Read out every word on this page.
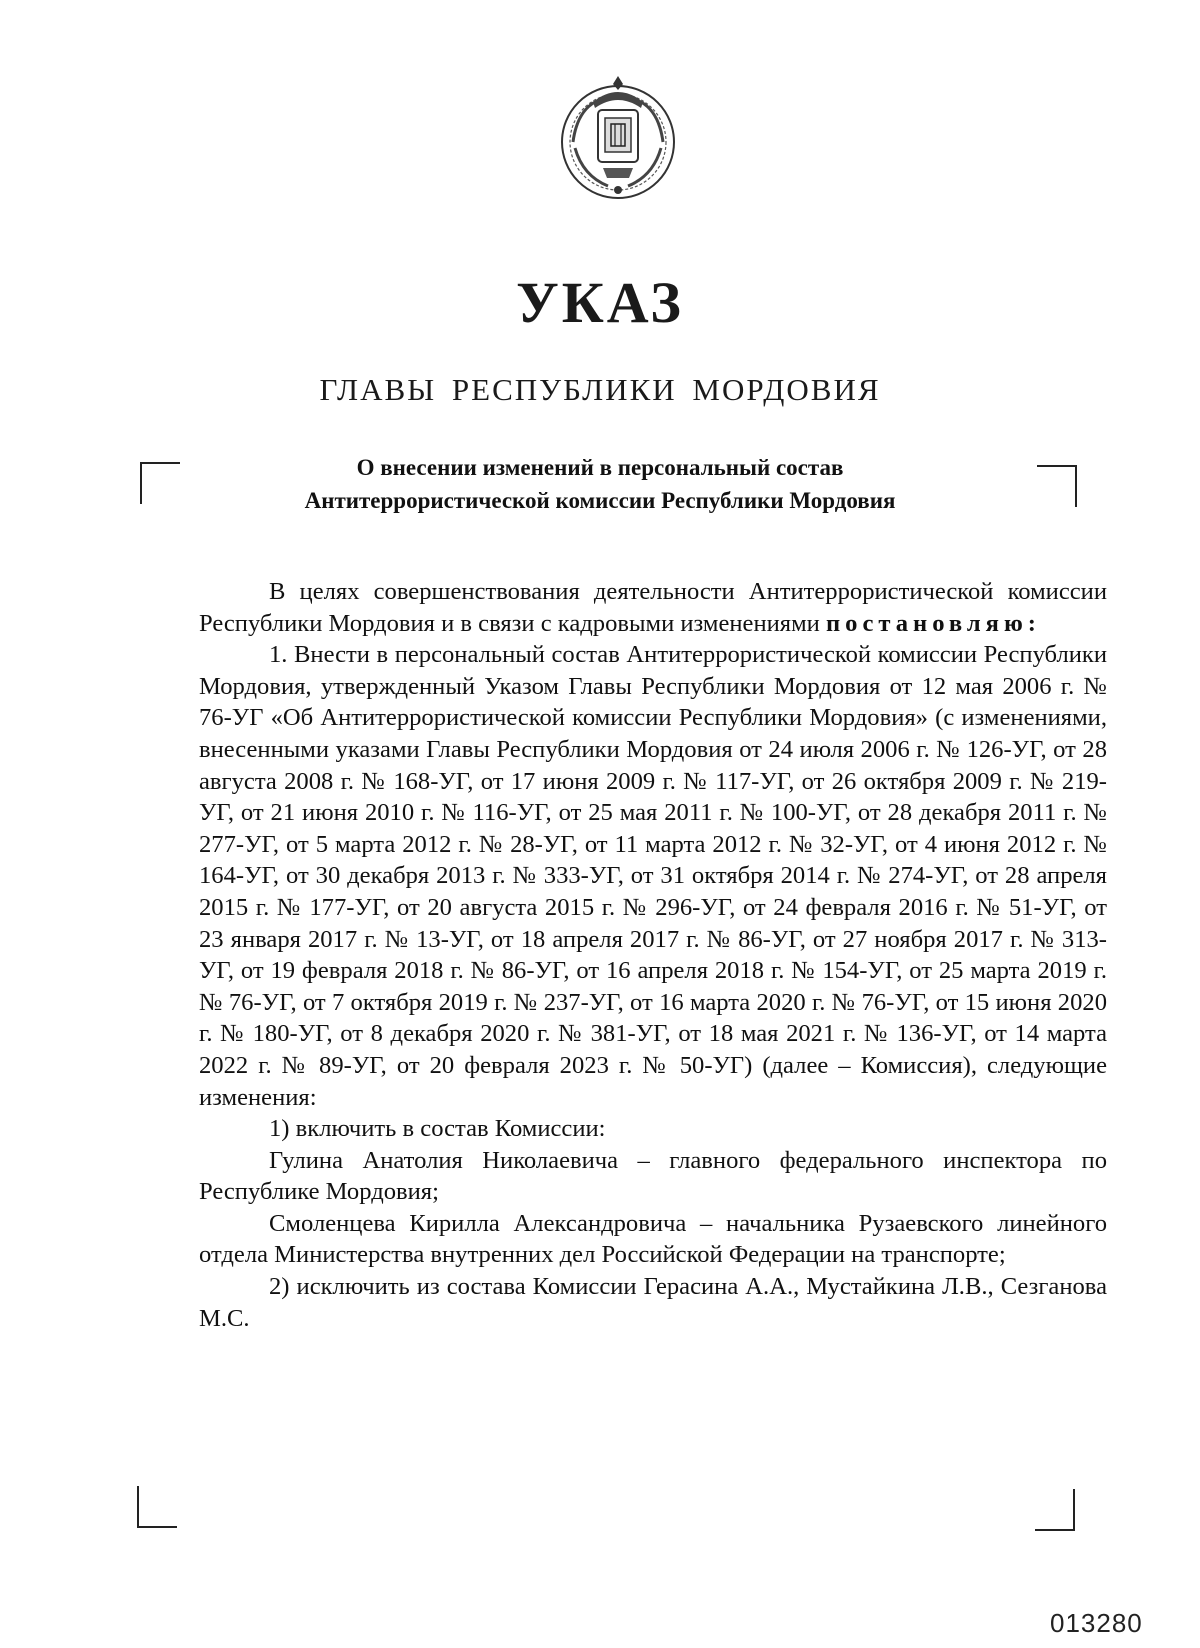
УКАЗ
ГЛАВЫ РЕСПУБЛИКИ МОРДОВИЯ
О внесении изменений в персональный состав
Антитеррористической комиссии Республики Мордовия

В целях совершенствования деятельности Антитеррористической комиссии Республики Мордовия и в связи с кадровыми изменениями постановляю:

1. Внести в персональный состав Антитеррористической комиссии Республики Мордовия, утвержденный Указом Главы Республики Мордовия от 12 мая 2006 г. № 76-УГ «Об Антитеррористической комиссии Республики Мордовия» (с изменениями, внесенными указами Главы Республики Мордовия от 24 июля 2006 г. № 126-УГ, от 28 августа 2008 г. № 168-УГ, от 17 июня 2009 г. № 117-УГ, от 26 октября 2009 г. № 219-УГ, от 21 июня 2010 г. № 116-УГ, от 25 мая 2011 г. № 100-УГ, от 28 декабря 2011 г. № 277-УГ, от 5 марта 2012 г. № 28-УГ, от 11 марта 2012 г. № 32-УГ, от 4 июня 2012 г. № 164-УГ, от 30 декабря 2013 г. № 333-УГ, от 31 октября 2014 г. № 274-УГ, от 28 апреля 2015 г. № 177-УГ, от 20 августа 2015 г. № 296-УГ, от 24 февраля 2016 г. № 51-УГ, от 23 января 2017 г. № 13-УГ, от 18 апреля 2017 г. № 86-УГ, от 27 ноября 2017 г. № 313-УГ, от 19 февраля 2018 г. № 86-УГ, от 16 апреля 2018 г. № 154-УГ, от 25 марта 2019 г. № 76-УГ, от 7 октября 2019 г. № 237-УГ, от 16 марта 2020 г. № 76-УГ, от 15 июня 2020 г. № 180-УГ, от 8 декабря 2020 г. № 381-УГ, от 18 мая 2021 г. № 136-УГ, от 14 марта 2022 г. № 89-УГ, от 20 февраля 2023 г. № 50-УГ) (далее – Комиссия), следующие изменения:

1) включить в состав Комиссии:

Гулина Анатолия Николаевича – главного федерального инспектора по Республике Мордовия;

Смоленцева Кирилла Александровича – начальника Рузаевского линейного отдела Министерства внутренних дел Российской Федерации на транспорте;

2) исключить из состава Комиссии Герасина А.А., Мустайкина Л.В., Сезганова М.С.

013280
